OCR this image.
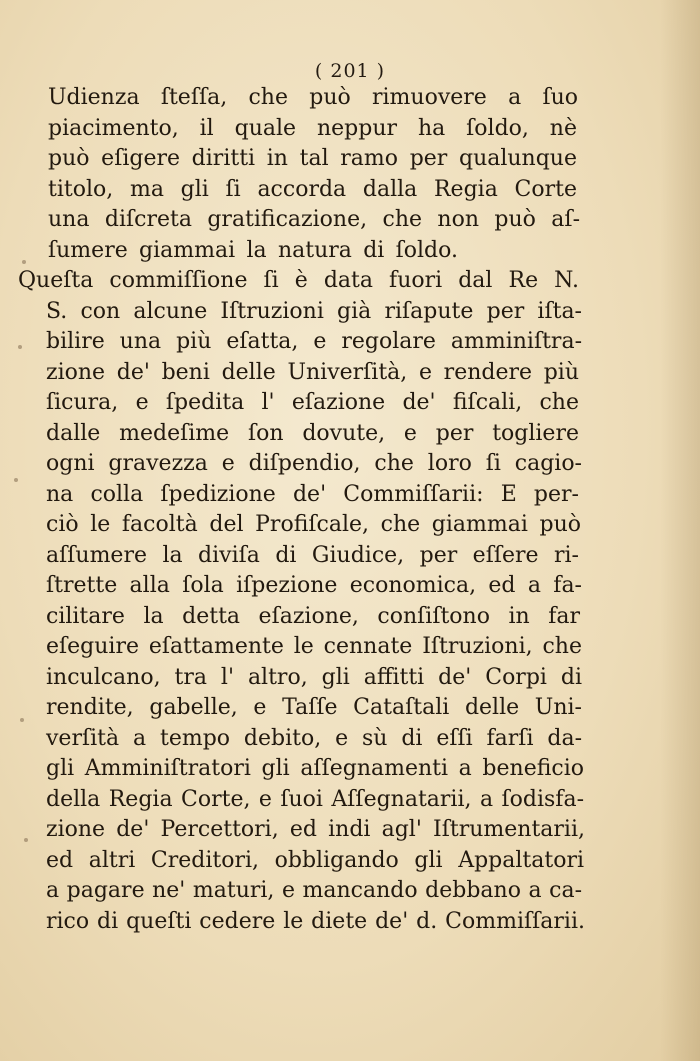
( 201 )
Udienza ſteſſa, che può rimuovere a ſuo
piacimento, il quale neppur ha ſoldo, nè
può eſigere diritti in tal ramo per qualunque
titolo, ma gli ſi accorda dalla Regia Corte
una diſcreta gratificazione, che non può aſ-
ſumere giammai la natura di ſoldo.
Queſta commiſſione ſi è data fuori dal Re N.
S. con alcune Iſtruzioni già riſapute per iſta-
bilire una più eſatta, e regolare amminiſtra-
zione de' beni delle Univerſità, e rendere più
ſicura, e ſpedita l' eſazione de' fiſcali, che
dalle medeſime ſon dovute, e per togliere
ogni gravezza e diſpendio, che loro ſi cagio-
na colla ſpedizione de' Commiſſarii: E per-
ciò le facoltà del Profiſcale, che giammai può
aſſumere la diviſa di Giudice, per eſſere ri-
ſtrette alla ſola iſpezione economica, ed a fa-
cilitare la detta eſazione, conſiſtono in far
eſeguire eſattamente le cennate Iſtruzioni, che
inculcano, tra l' altro, gli affitti de' Corpi di
rendite, gabelle, e Taſſe Cataſtali delle Uni-
verſità a tempo debito, e sù di eſſi farſi da-
gli Amminiſtratori gli aſſegnamenti a beneficio
della Regia Corte, e ſuoi Aſſegnatarii, a ſodisfa-
zione de' Percettori, ed indi agl' Iſtrumentarii,
ed altri Creditori, obbligando gli Appaltatori
a pagare ne' maturi, e mancando debbano a ca-
rico di queſti cedere le diete de' d. Commiſſarii.
